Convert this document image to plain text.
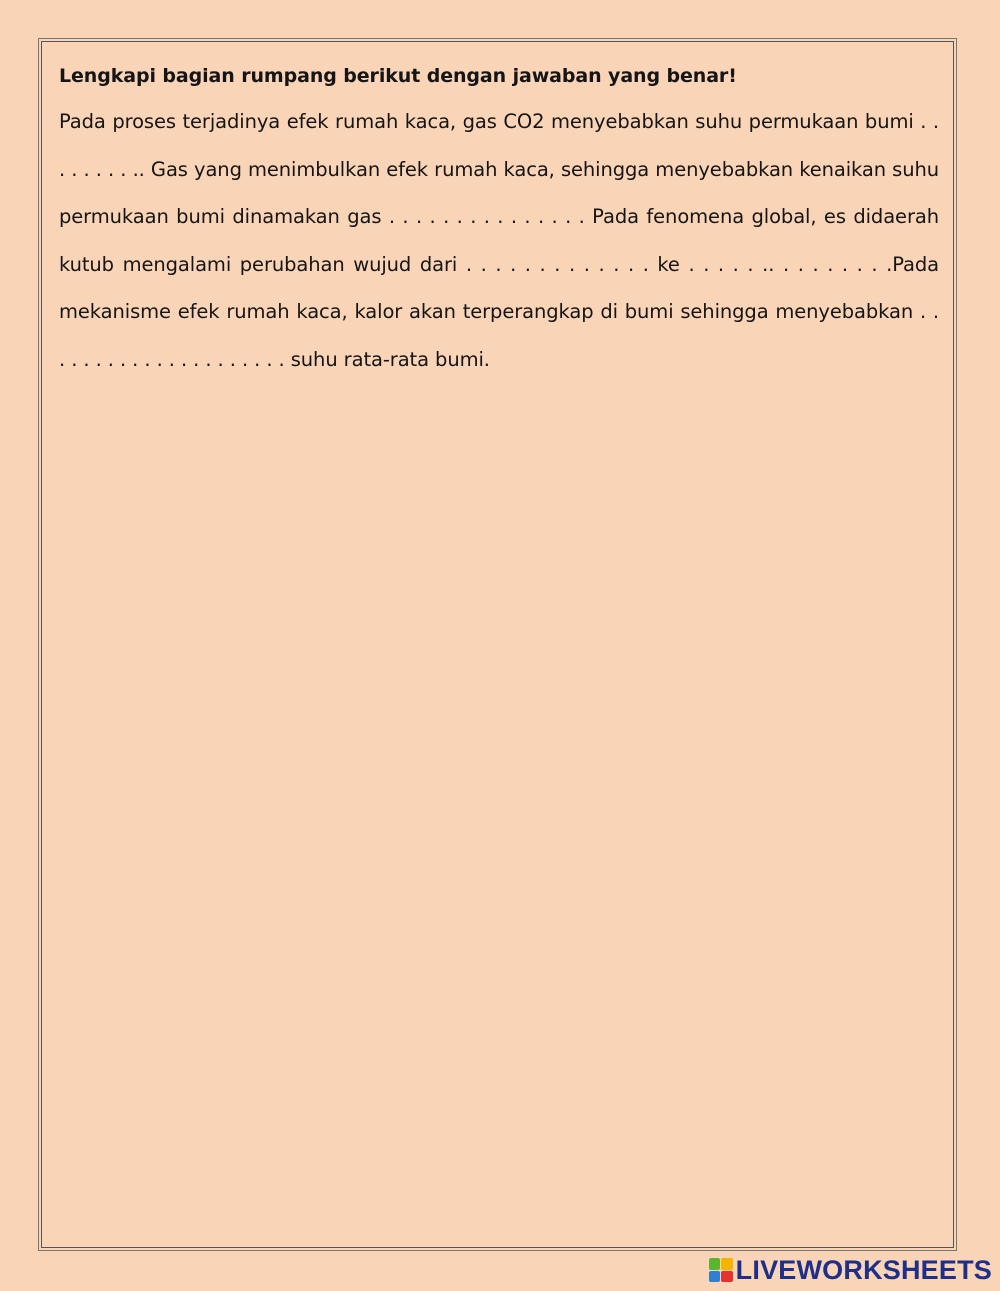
Lengkapi bagian rumpang berikut dengan jawaban yang benar!

Pada proses terjadinya efek rumah kaca, gas CO2 menyebabkan suhu permukaan bumi . . . . . . . . .. Gas yang menimbulkan efek rumah kaca, sehingga menyebabkan kenaikan suhu permukaan bumi dinamakan gas . . . . . . . . . . . . . . . Pada fenomena global, es didaerah kutub mengalami perubahan wujud dari . . . . . . . . . . . . . ke . . . . . .. . . . . . . . .Pada mekanisme efek rumah kaca, kalor akan terperangkap di bumi sehingga menyebabkan . . . . . . . . . . . . . . . . . . . . . suhu rata-rata bumi.

LIVEWORKSHEETS
